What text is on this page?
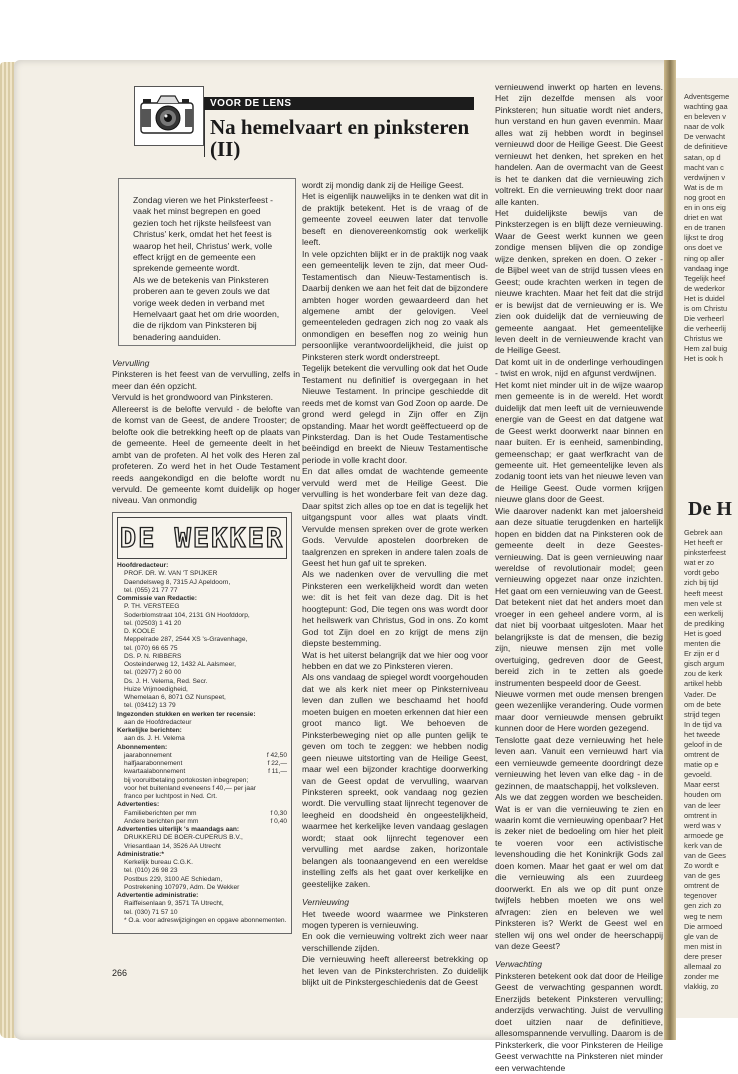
Adventsgeme
wachting gaa
en beleven v
naar de volk
De verwacht
de definitieve
satan, op d
macht van c
verdwijnen v
Wat is de m
nog groot en
en in ons eig
driet en wat
en de tranen
lijkst te drog
ons doet ve
ning op aller
vandaag inge
Tegelijk heef
de wederkor
Het is duidel
is om Christu
Die verheerl
die verheerlij
Christus we
Hem zal buig
Het is ook h
De H
Gebrek aan
Het heeft er
pinksterfeest
wat er zo
vordt gebo
zich bij tijd
heeft meest
men vele st
een werkelij
de prediking
Het is goed
menten die
Er zijn er d
gisch argum
zou de kerk
artikel hebb
Vader. De
om de bete
strijd tegen
In de tijd va
het tweede
geloof in de
omtrent de
matie op e
gevoeld.
Maar eerst
houden om
van de leer
omtrent in
werd was v
armoede ge
kerk van de
van de Gees
Zo wordt e
van de ges
omtrent de
tegenover
gen zich zo
weg te nem
Die armoed
gle van de
men mist in
dere preser
allemaal zo
zonder me
vlakkig, zo
VOOR DE LENS
Na hemelvaart en pinksteren
(II)

Zondag vieren we het Pinksterfeest - vaak het minst begrepen en goed gezien toch het rijkste heilsfeest van Christus' kerk, omdat het het feest is waarop het heil, Christus' werk, volle effect krijgt en de gemeente een sprekende gemeente wordt.
Als we de betekenis van Pinksteren proberen aan te geven zouls we dat vorige week deden in verband met Hemelvaart gaat het om drie woorden, die de rijkdom van Pinksteren bij benadering aanduiden.

Vervulling

Pinksteren is het feest van de vervulling, zelfs in meer dan één opzicht.
Vervuld is het grondwoord van Pinksteren.
Allereerst is de belofte vervuld - de belofte van de komst van de Geest, de andere Trooster; de belofte ook die betrekking heeft op de plaats van de gemeente. Heel de gemeente deelt in het ambt van de profeten. Al het volk des Heren zal profeteren. Zo werd het in het Oude Testament reeds aangekondigd en die belofte wordt nu vervuld. De gemeente komt duidelijk op hoger niveau. Van onmondig

DE WEKKER
Hoofdredacteur:
PROF. DR. W. VAN 'T SPIJKER
Daendelsweg 8, 7315 AJ Apeldoorn,
tel. (055) 21 77 77
Commissie van Redactie:
P. TH. VERSTEEG
Soderblomstraat 104, 2131 GN Hoofddorp,
tel. (02503) 1 41 20
D. KOOLE
Meppelrade 287, 2544 XS 's-Gravenhage,
tel. (070) 66 65 75
DS. P. N. RIBBERS
Oosteinderweg 12, 1432 AL Aalsmeer,
tel. (02977) 2 60 00
Ds. J. H. Velema, Red. Secr.
Huize Vrijmoedigheid,
Whemelaan 6, 8071 GZ Nunspeet,
tel. (03412) 13 79
Ingezonden stukken en werken ter recensie:
aan de Hoofdredacteur
Kerkelijke berichten:
aan ds. J. H. Velema
Abonnementen:
jaarabonnement	f 42,50
halfjaarabonnement	f 22,—
kwartaalabonnement	f 11,—
bij vooruitbetaling portokosten inbegrepen;
voor het buitenland eveneens f 40,— per jaar
franco per luchtpost in Ned. Crt.
Advertenties:
Familieberichten per mm	f 0,30
Andere berichten per mm	f 0,40
Advertenties uiterlijk 's maandags aan:
DRUKKERIJ DE BOER-CUPERUS B.V.,
Vriesantlaan 14, 3526 AA Utrecht
Administratie:*
Kerkelijk bureau C.G.K.
tel. (010) 26 98 23
Postbus 229, 3100 AE Schiedam,
Postrekening 107979, Adm. De Wekker
Advertentie administratie:
Raiffeisenlaan 9, 3571 TA Utrecht,
tel. (030) 71 57 10
* O.a. voor adreswijzigingen en opgave abonnementen.

wordt zij mondig dank zij de Heilige Geest.
Het is eigenlijk nauwelijks in te denken wat dit in de praktijk betekent. Het is de vraag of de gemeente zoveel eeuwen later dat tenvolle beseft en dienovereenkomstig ook werkelijk leeft.
In vele opzichten blijkt er in de praktijk nog vaak een gemeentelijk leven te zijn, dat meer Oud-Testamentisch dan Nieuw-Testamentisch is. Daarbij denken we aan het feit dat de bijzondere ambten hoger worden gewaardeerd dan het algemene ambt der gelovigen. Veel gemeenteleden gedragen zich nog zo vaak als onmondigen en beseffen nog zo weinig hun persoonlijke verantwoordelijkheid, die juist op Pinksteren sterk wordt onderstreept.
Tegelijk betekent die vervulling ook dat het Oude Testament nu definitief is overgegaan in het Nieuwe Testament. In principe geschiedde dit reeds met de komst van God Zoon op aarde. De grond werd gelegd in Zijn offer en Zijn opstanding. Maar het wordt geëffectueerd op de Pinksterdag. Dan is het Oude Testamentische beëindigd en breekt de Nieuw Testamentische periode in volle kracht door.
En dat alles omdat de wachtende gemeente vervuld werd met de Heilige Geest. Die vervulling is het wonderbare feit van deze dag. Daar spitst zich alles op toe en dat is tegelijk het uitgangspunt voor alles wat plaats vindt. Vervulde mensen spreken over de grote werken Gods. Vervulde apostelen doorbreken de taalgrenzen en spreken in andere talen zoals de Geest het hun gaf uit te spreken.
Als we nadenken over de vervulling die met Pinksteren een werkelijkheid wordt dan weten we: dit is het feit van deze dag. Dit is het hoogtepunt: God, Die tegen ons was wordt door het heilswerk van Christus, God in ons. Zo komt God tot Zijn doel en zo krijgt de mens zijn diepste bestemming.
Wat is het uiterst belangrijk dat we hier oog voor hebben en dat we zo Pinksteren vieren.
Als ons vandaag de spiegel wordt voorgehouden dat we als kerk niet meer op Pinksterniveau leven dan zullen we beschaamd het hoofd moeten buigen en moeten erkennen dat hier een groot manco ligt. We behoeven de Pinksterbeweging niet op alle punten gelijk te geven om toch te zeggen: we hebben nodig geen nieuwe uitstorting van de Heilige Geest, maar wel een bijzonder krachtige doorwerking van de Geest opdat de vervulling, waarvan Pinksteren spreekt, ook vandaag nog gezien wordt. Die vervulling staat lijnrecht tegenover de leegheid en doodsheid èn ongeestelijkheid, waarmee het kerkelijke leven vandaag geslagen wordt; staat ook lijnrecht tegenover een vervulling met aardse zaken, horizontale belangen als toonaangevend en een wereldse instelling zelfs als het gaat over kerkelijke en geestelijke zaken.

Vernieuwing

Het tweede woord waarmee we Pinksteren mogen typeren is vernieuwing.
En ook die vernieuwing voltrekt zich weer naar verschillende zijden.
Die vernieuwing heeft allereerst betrekking op het leven van de Pinksterchristen. Zo duidelijk blijkt uit de Pinkstergeschiedenis dat de Geest

vernieuwend inwerkt op harten en levens. Het zijn dezelfde mensen als voor Pinksteren; hun situatie wordt niet anders, hun verstand en hun gaven evenmin. Maar alles wat zij hebben wordt in beginsel vernieuwd door de Heilige Geest. Die Geest vernieuwt het denken, het spreken en het handelen. Aan de overmacht van de Geest is het te danken dat die vernieuwing zich voltrekt. En die vernieuwing trekt door naar alle kanten.
Het duidelijkste bewijs van de Pinksterzegen is en blijft deze vernieuwing. Waar de Geest werkt kunnen we geen zondige mensen blijven die op zondige wijze denken, spreken en doen. O zeker - de Bijbel weet van de strijd tussen vlees en Geest; oude krachten werken in tegen de nieuwe krachten. Maar het feit dat die strijd er is bewijst dat de vernieuwing er is. We zien ook duidelijk dat de vernieuwing de gemeente aangaat. Het gemeentelijke leven deelt in de vernieuwende kracht van de Heilige Geest.
Dat komt uit in de onderlinge verhoudingen - twist en wrok, nijd en afgunst verdwijnen.
Het komt niet minder uit in de wijze waarop men gemeente is in de wereld. Het wordt duidelijk dat men leeft uit de vernieuwende energie van de Geest en dat datgene wat de Geest werkt doorwerkt naar binnen en naar buiten. Er is eenheid, samenbinding, gemeenschap; er gaat werfkracht van de gemeente uit. Het gemeentelijke leven als zodanig toont iets van het nieuwe leven van de Heilige Geest. Oude vormen krijgen nieuwe glans door de Geest.
Wie daarover nadenkt kan met jaloersheid aan deze situatie terugdenken en hartelijk hopen en bidden dat na Pinksteren ook de gemeente deelt in deze Geestes-vernieuwing. Dat is geen vernieuwing naar wereldse of revolutionair model; geen vernieuwing opgezet naar onze inzichten. Het gaat om een vernieuwing van de Geest. Dat betekent niet dat het anders moet dan vroeger in een geheel andere vorm, al is dat niet bij voorbaat uitgesloten. Maar het belangrijkste is dat de mensen, die bezig zijn, nieuwe mensen zijn met volle overtuiging, gedreven door de Geest, bereid zich in te zetten als goede instrumenten bespeeld door de Geest.
Nieuwe vormen met oude mensen brengen geen wezenlijke verandering. Oude vormen maar door vernieuwde mensen gebruikt kunnen door de Here worden gezegend.
Tenslotte gaat deze vernieuwing het hele leven aan. Vanuit een vernieuwd hart via een vernieuwde gemeente doordringt deze vernieuwing het leven van elke dag - in de gezinnen, de maatschappij, het volksleven.
Als we dat zeggen worden we bescheiden. Wat is er van die vernieuwing te zien en waarin komt die vernieuwing openbaar? Het is zeker niet de bedoeling om hier het pleit te voeren voor een activistische levenshouding die het Koninkrijk Gods zal doen komen. Maar het gaat er wel om dat die vernieuwing als een zuurdeeg doorwerkt. En als we op dit punt onze twijfels hebben moeten we ons wel afvragen: zien en beleven we wel Pinksteren is? Werkt de Geest wel en stellen wij ons wel onder de heerschappij van deze Geest?

Verwachting

Pinksteren betekent ook dat door de Heilige Geest de verwachting gespannen wordt. Enerzijds betekent Pinksteren vervulling; anderzijds verwachting. Juist de vervulling doet uitzien naar de definitieve, allesomspannende vervulling. Daarom is de Pinksterkerk, die voor Pinksteren de Heilige Geest verwachtte na Pinksteren niet minder een verwachtende

266
